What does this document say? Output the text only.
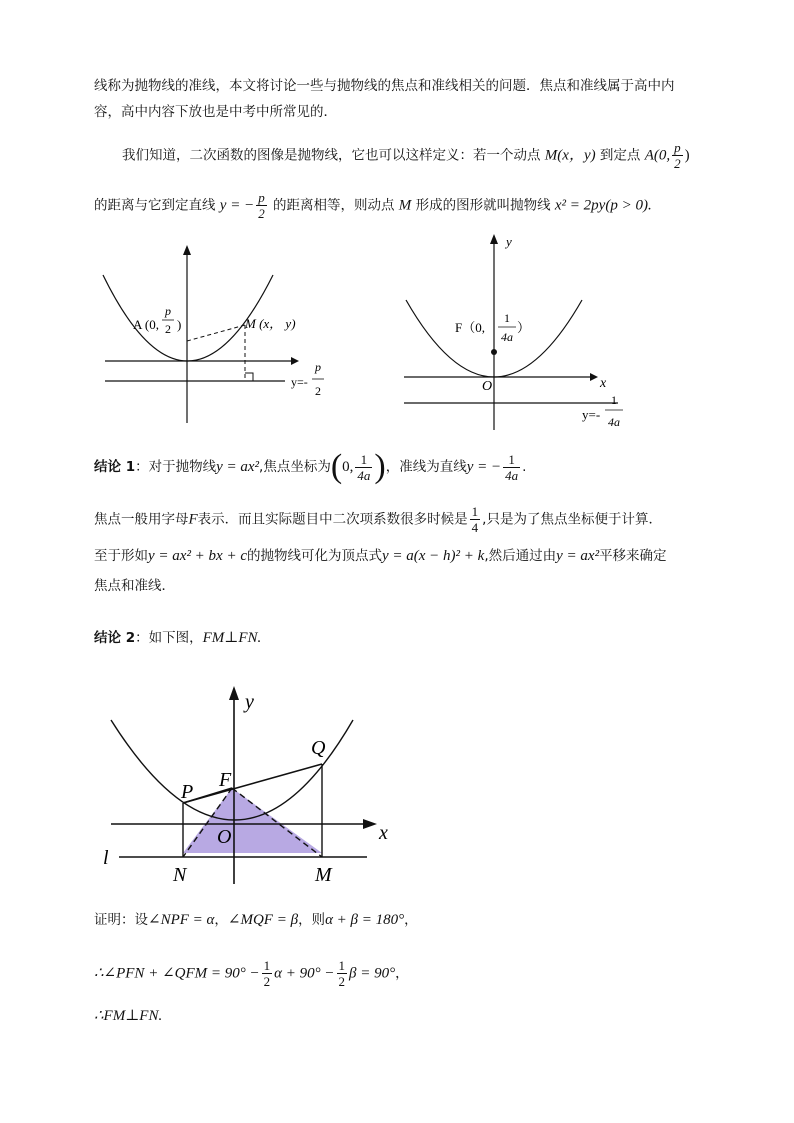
线称为抛物线的准线，本文将讨论一些与抛物线的焦点和准线相关的问题．焦点和准线属于高中内
容，高中内容下放也是中考中所常见的．
我们知道，二次函数的图像是抛物线，它也可以这样定义：若一个动点 M(x，y) 到定点 A(0, $\frac{p}{2}$ )
的距离与它到定直线 y = − $\frac{p}{2}$ 的距离相等，则动点 M 形成的图形就叫抛物线 x² = 2py(p > 0).
A (0,
p
2 )	M (x， y)
y=-
p
2
y
x
O
F（0,
1
4a
）
y=-
1
4a
结论 1：对于抛物线y = ax²,焦点坐标为(0, $\frac{1}{4a}$ )，准线为直线y = − $\frac{1}{4a}$ .
焦点一般用字母F表示．而且实际题目中二次项系数很多时候是 $\frac{1}{4}$ ,只是为了焦点坐标便于计算．
至于形如y = ax² + bx + c的抛物线可化为顶点式y = a(x − h)² + k,然后通过由y = ax²平移来确定
焦点和准线．
结论 2：如下图，FM⊥FN.
y
x
Q
P
F
O
l
N	M
证明：设∠NPF = α，∠MQF = β，则α + β = 180°，
∴∠PFN + ∠QFM = $90^\circ - \frac{1}{2}$ $\alpha + 90^\circ - \frac{1}{2}$ β = 90°，
∴FM⊥FN.
